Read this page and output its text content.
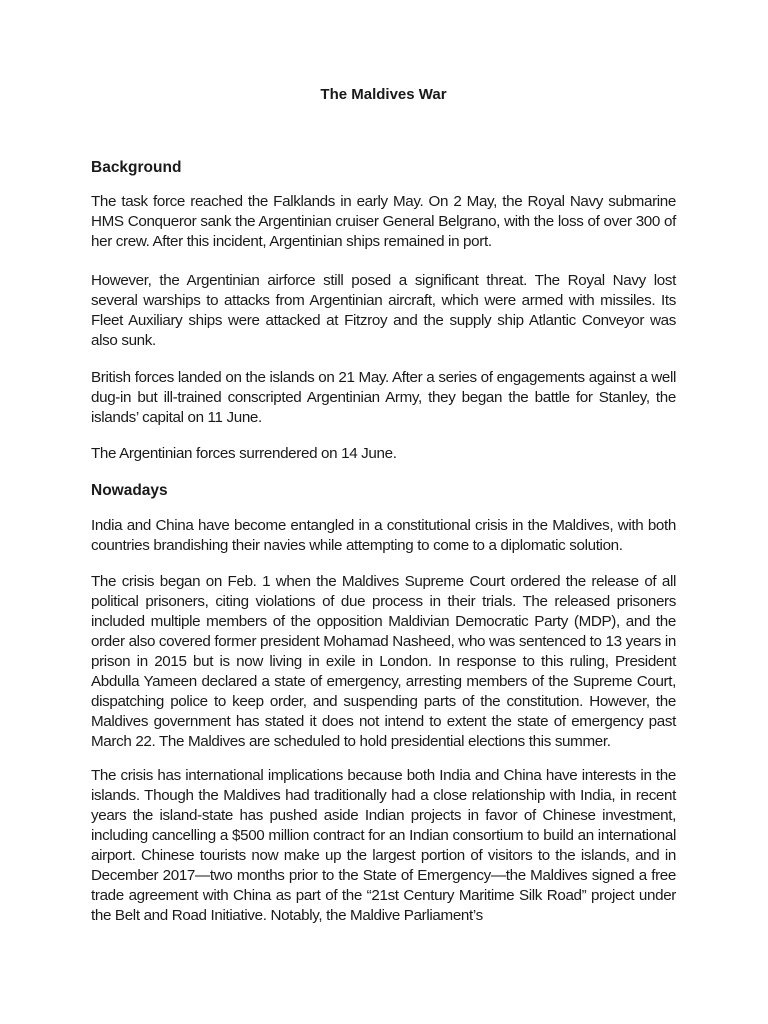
The Maldives War
Background

The task force reached the Falklands in early May. On 2 May, the Royal Navy submarine HMS Conqueror sank the Argentinian cruiser General Belgrano, with the loss of over 300 of her crew. After this incident, Argentinian ships remained in port.

However, the Argentinian airforce still posed a significant threat. The Royal Navy lost several warships to attacks from Argentinian aircraft, which were armed with missiles. Its Fleet Auxiliary ships were attacked at Fitzroy and the supply ship Atlantic Conveyor was also sunk.

British forces landed on the islands on 21 May. After a series of engagements against a well dug-in but ill-trained conscripted Argentinian Army, they began the battle for Stanley, the islands’ capital on 11 June.

The Argentinian forces surrendered on 14 June.

Nowadays

India and China have become entangled in a constitutional crisis in the Maldives, with both countries brandishing their navies while attempting to come to a diplomatic solution.

The crisis began on Feb. 1 when the Maldives Supreme Court ordered the release of all political prisoners, citing violations of due process in their trials. The released prisoners included multiple members of the opposition Maldivian Democratic Party (MDP), and the order also covered former president Mohamad Nasheed, who was sentenced to 13 years in prison in 2015 but is now living in exile in London. In response to this ruling, President Abdulla Yameen declared a state of emergency, arresting members of the Supreme Court, dispatching police to keep order, and suspending parts of the constitution. However, the Maldives government has stated it does not intend to extent the state of emergency past March 22. The Maldives are scheduled to hold presidential elections this summer.

The crisis has international implications because both India and China have interests in the islands. Though the Maldives had traditionally had a close relationship with India, in recent years the island-state has pushed aside Indian projects in favor of Chinese investment, including cancelling a $500 million contract for an Indian consortium to build an international airport. Chinese tourists now make up the largest portion of visitors to the islands, and in December 2017—two months prior to the State of Emergency—the Maldives signed a free trade agreement with China as part of the “21st Century Maritime Silk Road” project under the Belt and Road Initiative. Notably, the Maldive Parliament’s
